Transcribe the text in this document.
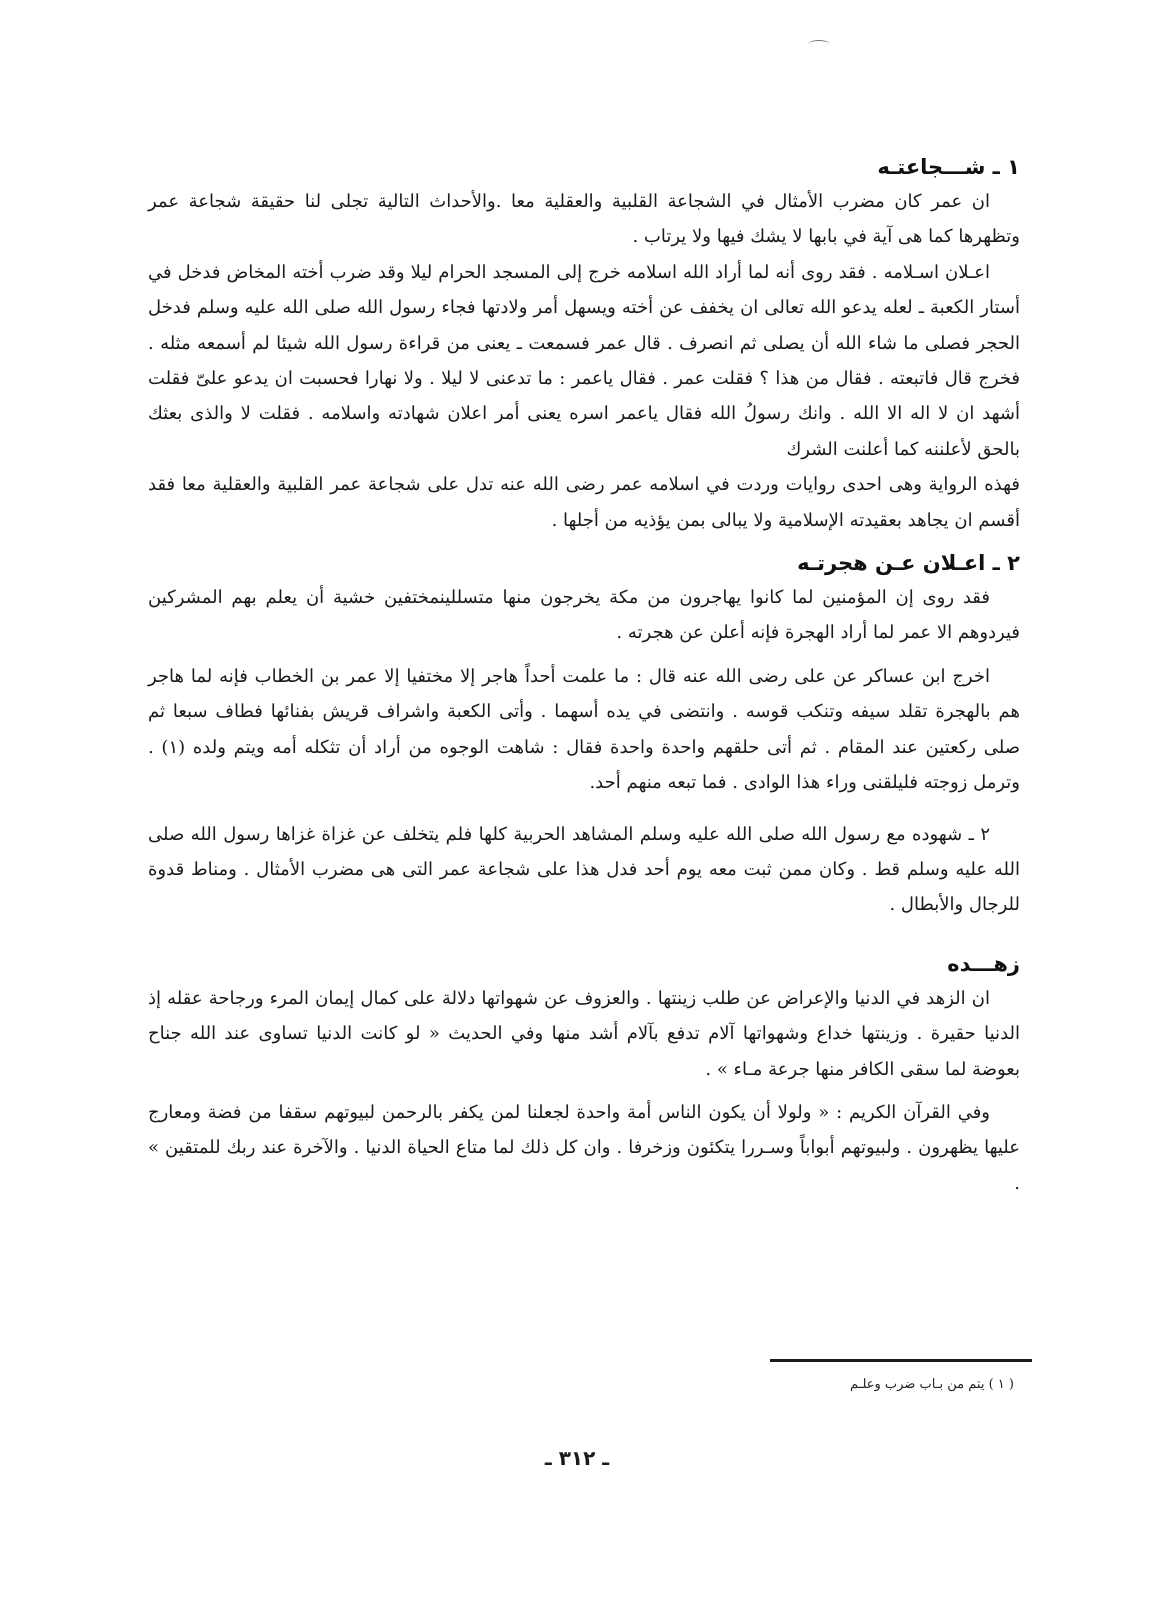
١ ـ شـــجاعتـه

ان عمر كان مضرب الأمثال في الشجاعة القلبية والعقلية معا .والأحداث التالية تجلى لنا حقيقة شجاعة عمر وتظهرها كما هى آية في بابها لا يشك فيها ولا يرتاب .

اعـلان اسـلامه . فقد روى أنه لما أراد الله اسلامه خرج إلى المسجد الحرام ليلا وقد ضرب أخته المخاض فدخل في أستار الكعبة ـ لعله يدعو الله تعالى ان يخفف عن أخته ويسهل أمر ولادتها فجاء رسول الله صلى الله عليه وسلم فدخل الحجر فصلى ما شاء الله أن يصلى ثم انصرف . قال عمر فسمعت ـ يعنى من قراءة رسول الله شيئا لم أسمعه مثله . فخرج قال فاتبعته . فقال من هذا ؟ فقلت عمر . فقال ياعمر : ما تدعنى لا ليلا . ولا نهارا فحسبت ان يدعو علىّ فقلت أشهد ان لا اله الا الله . وانك رسولُ الله فقال ياعمر اسره يعنى أمر اعلان شهادته واسلامه . فقلت لا والذى بعثك بالحق لأعلننه كما أعلنت الشرك

فهذه الرواية وهى احدى روايات وردت في اسلامه عمر رضى الله عنه تدل على شجاعة عمر القلبية والعقلية معا فقد أقسم ان يجاهد بعقيدته الإسلامية ولا يبالى بمن يؤذيه من أجلها .

٢ ـ اعـلان عـن هجرتـه

فقد روى إن المؤمنين لما كانوا يهاجرون من مكة يخرجون منها متسللينمختفين خشية أن يعلم بهم المشركين فيردوهم الا عمر لما أراد الهجرة فإنه أعلن عن هجرته .

اخرج ابن عساكر عن على رضى الله عنه قال : ما علمت أحداً هاجر إلا مختفيا إلا عمر بن الخطاب فإنه لما هاجر هم بالهجرة تقلد سيفه وتنكب قوسه . وانتضى في يده أسهما . وأتى الكعبة واشراف قريش بفنائها فطاف سبعا ثم صلى ركعتين عند المقام . ثم أتى حلقهم واحدة واحدة فقال : شاهت الوجوه من أراد أن تثكله أمه ويتم ولده (١) . وترمل زوجته فليلقنى وراء هذا الوادى . فما تبعه منهم أحد.

٢ ـ شهوده مع رسول الله صلى الله عليه وسلم المشاهد الحربية كلها فلم يتخلف عن غزاة غزاها رسول الله صلى الله عليه وسلم قط . وكان ممن ثبت معه يوم أحد فدل هذا على شجاعة عمر التى هى مضرب الأمثال . ومناط قدوة للرجال والأبطال .

زهـــده

ان الزهد في الدنيا والإعراض عن طلب زينتها . والعزوف عن شهواتها دلالة على كمال إيمان المرء ورجاحة عقله إذ الدنيا حقيرة . وزينتها خداع وشهواتها آلام تدفع بآلام أشد منها وفي الحديث « لو كانت الدنيا تساوى عند الله جناح بعوضة لما سقى الكافر منها جرعة مـاء » .

وفي القرآن الكريم : « ولولا أن يكون الناس أمة واحدة لجعلنا لمن يكفر بالرحمن لبيوتهم سقفا من فضة ومعارج عليها يظهرون . ولبيوتهم أبواباً وسـررا يتكئون وزخرفا . وان كل ذلك لما متاع الحياة الدنيا . والآخرة عند ربك للمتقين » .

( ١ ) يتم من بـاب ضرب وعلـم
ـ ٣١٢ ـ
